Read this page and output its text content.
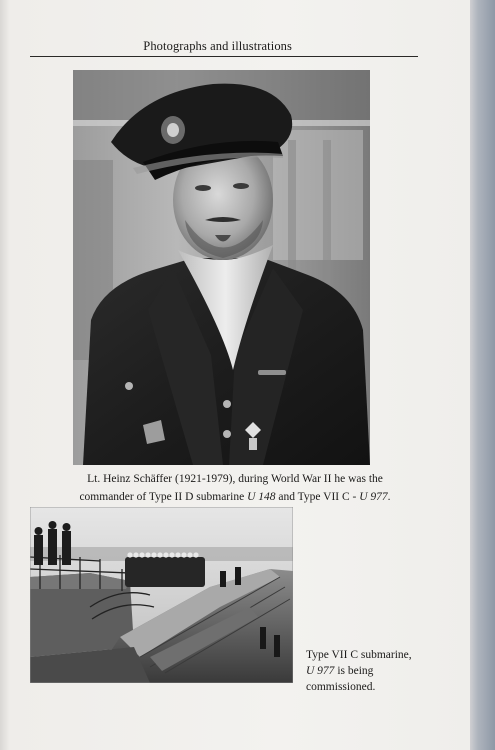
Photographs and illustrations
Lt. Heinz Schäffer (1921-1979), during World War II he was the
commander of Type II D submarine U 148 and Type VII C - U 977.
Type VII C submarine,
U 977 is being
commissioned.
